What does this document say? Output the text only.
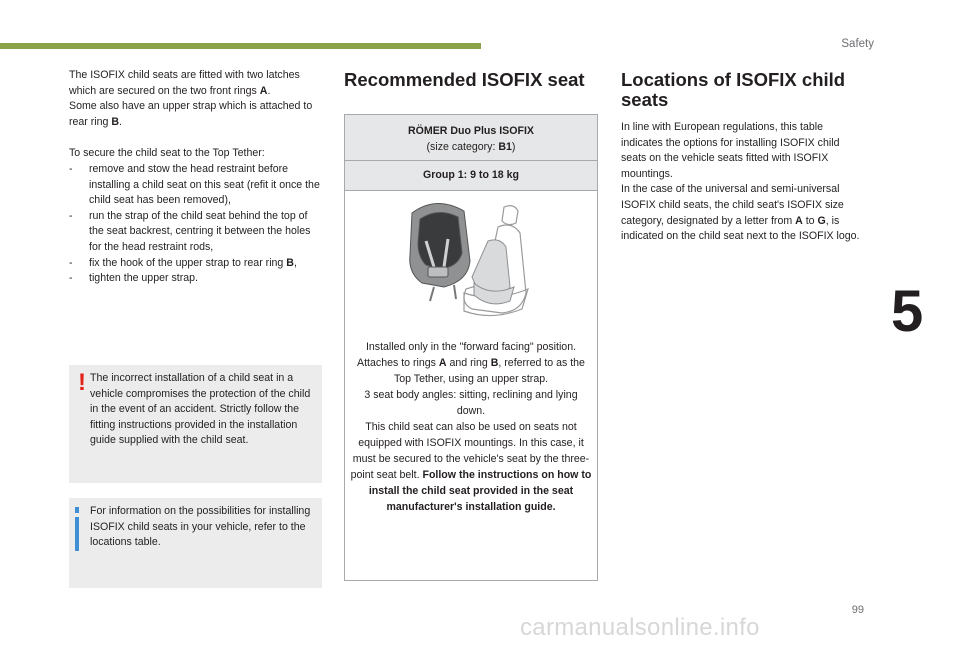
Safety
5
99
carmanualsonline.info

The ISOFIX child seats are fitted with two latches which are secured on the two front rings A.

Some also have an upper strap which is attached to rear ring B.

To secure the child seat to the Top Tether:

-	remove and stow the head restraint before installing a child seat on this seat (refit it once the child seat has been removed),
-	run the strap of the child seat behind the top of the seat backrest, centring it between the holes for the head restraint rods,
-	fix the hook of the upper strap to rear ring B,
-	tighten the upper strap.
! The incorrect installation of a child seat in a vehicle compromises the protection of the child in the event of an accident. Strictly follow the fitting instructions provided in the installation guide supplied with the child seat.
For information on the possibilities for installing ISOFIX child seats in your vehicle, refer to the locations table.
Recommended ISOFIX seat
RÖMER Duo Plus ISOFIX
(size category: B1)
Group 1: 9 to 18 kg
Installed only in the "forward facing" position. Attaches to rings A and ring B, referred to as the Top Tether, using an upper strap.
3 seat body angles: sitting, reclining and lying down.
This child seat can also be used on seats not equipped with ISOFIX mountings. In this case, it must be secured to the vehicle's seat by the three-point seat belt. Follow the instructions on how to install the child seat provided in the seat manufacturer's installation guide.
Locations of ISOFIX child
seats

In line with European regulations, this table indicates the options for installing ISOFIX child seats on the vehicle seats fitted with ISOFIX mountings.

In the case of the universal and semi-universal ISOFIX child seats, the child seat's ISOFIX size category, designated by a letter from A to G, is indicated on the child seat next to the ISOFIX logo.
